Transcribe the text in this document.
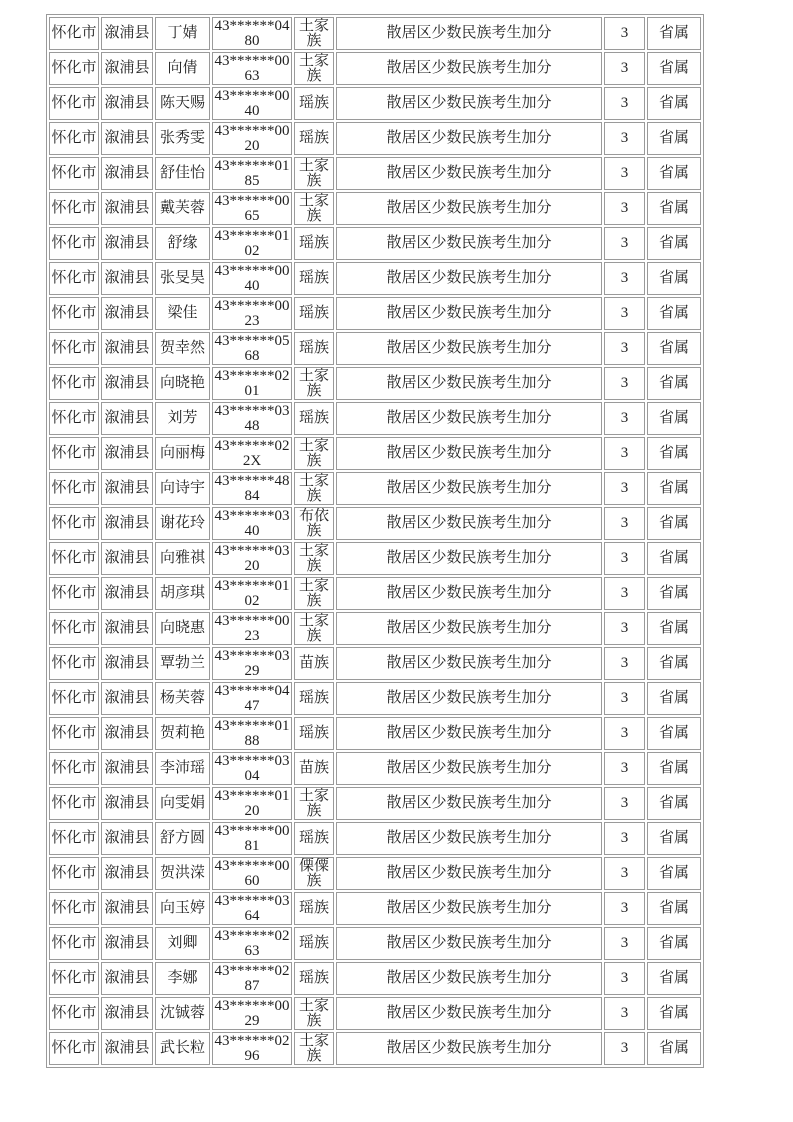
怀化市	溆浦县	丁婧	43******0480	土家族	散居区少数民族考生加分	3	省属
怀化市	溆浦县	向倩	43******0063	土家族	散居区少数民族考生加分	3	省属
怀化市	溆浦县	陈天赐	43******0040	瑶族	散居区少数民族考生加分	3	省属
怀化市	溆浦县	张秀雯	43******0020	瑶族	散居区少数民族考生加分	3	省属
怀化市	溆浦县	舒佳怡	43******0185	土家族	散居区少数民族考生加分	3	省属
怀化市	溆浦县	戴芙蓉	43******0065	土家族	散居区少数民族考生加分	3	省属
怀化市	溆浦县	舒缘	43******0102	瑶族	散居区少数民族考生加分	3	省属
怀化市	溆浦县	张旻昊	43******0040	瑶族	散居区少数民族考生加分	3	省属
怀化市	溆浦县	梁佳	43******0023	瑶族	散居区少数民族考生加分	3	省属
怀化市	溆浦县	贺幸然	43******0568	瑶族	散居区少数民族考生加分	3	省属
怀化市	溆浦县	向晓艳	43******0201	土家族	散居区少数民族考生加分	3	省属
怀化市	溆浦县	刘芳	43******0348	瑶族	散居区少数民族考生加分	3	省属
怀化市	溆浦县	向丽梅	43******022X	土家族	散居区少数民族考生加分	3	省属
怀化市	溆浦县	向诗宇	43******4884	土家族	散居区少数民族考生加分	3	省属
怀化市	溆浦县	谢花玲	43******0340	布依族	散居区少数民族考生加分	3	省属
怀化市	溆浦县	向雅祺	43******0320	土家族	散居区少数民族考生加分	3	省属
怀化市	溆浦县	胡彦琪	43******0102	土家族	散居区少数民族考生加分	3	省属
怀化市	溆浦县	向晓惠	43******0023	土家族	散居区少数民族考生加分	3	省属
怀化市	溆浦县	覃勃兰	43******0329	苗族	散居区少数民族考生加分	3	省属
怀化市	溆浦县	杨芙蓉	43******0447	瑶族	散居区少数民族考生加分	3	省属
怀化市	溆浦县	贺莉艳	43******0188	瑶族	散居区少数民族考生加分	3	省属
怀化市	溆浦县	李沛瑶	43******0304	苗族	散居区少数民族考生加分	3	省属
怀化市	溆浦县	向雯娟	43******0120	土家族	散居区少数民族考生加分	3	省属
怀化市	溆浦县	舒方圆	43******0081	瑶族	散居区少数民族考生加分	3	省属
怀化市	溆浦县	贺洪溁	43******0060	傈僳族	散居区少数民族考生加分	3	省属
怀化市	溆浦县	向玉婷	43******0364	瑶族	散居区少数民族考生加分	3	省属
怀化市	溆浦县	刘卿	43******0263	瑶族	散居区少数民族考生加分	3	省属
怀化市	溆浦县	李娜	43******0287	瑶族	散居区少数民族考生加分	3	省属
怀化市	溆浦县	沈铖蓉	43******0029	土家族	散居区少数民族考生加分	3	省属
怀化市	溆浦县	武长粒	43******0296	土家族	散居区少数民族考生加分	3	省属
